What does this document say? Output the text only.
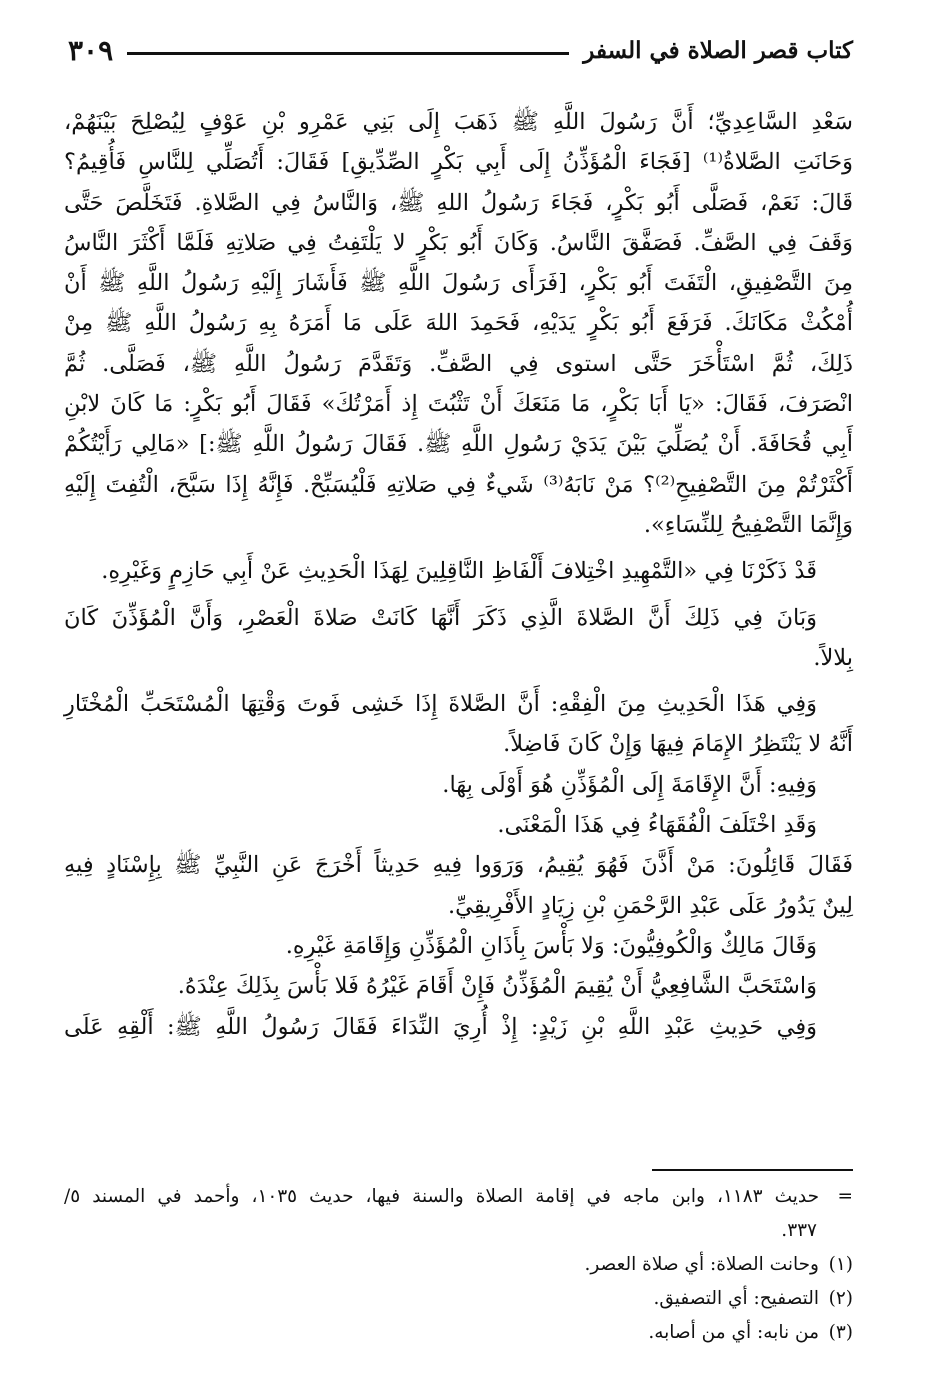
كتاب قصر الصلاة في السفر
٣٠٩
سَعْدِ السَّاعِدِيِّ؛ أَنَّ رَسُولَ اللَّهِ ﷺ ذَهَبَ إِلَى بَنِي عَمْرِو بْنِ عَوْفٍ لِيُصْلِحَ بَيْنَهُمْ،
وَحَانَتِ الصَّلاةُ⁽¹⁾ [فَجَاءَ الْمُؤَذِّنُ إِلَى أَبِي بَكْرٍ الصِّدِّيقِ] فَقَالَ: أَتُصَلِّي لِلنَّاسِ فَأُقِيمُ؟
قَالَ: نَعَمْ، فَصَلَّى أَبُو بَكْرٍ، فَجَاءَ رَسُولُ اللهِ ﷺ، وَالنَّاسُ فِي الصَّلاةِ. فَتَخَلَّصَ حَتَّى
وَقَفَ فِي الصَّفِّ. فَصَفَّقَ النَّاسُ. وَكَانَ أَبُو بَكْرٍ لا يَلْتَفِتُ فِي صَلاتِهِ فَلَمَّا أَكْثَرَ النَّاسُ
مِنَ التَّصْفِيقِ، الْتَفَتَ أَبُو بَكْرٍ، [فَرَأَى رَسُولَ اللَّهِ ﷺ فَأَشَارَ إِلَيْهِ رَسُولُ اللَّهِ ﷺ أَنْ
أُمْكُثْ مَكَانَكَ. فَرَفَعَ أَبُو بَكْرٍ يَدَيْهِ، فَحَمِدَ اللهَ عَلَى مَا أَمَرَهُ بِهِ رَسُولُ اللَّهِ ﷺ مِنْ
ذَلِكَ، ثُمَّ اسْتَأْخَرَ حَتَّى استوى فِي الصَّفِّ. وَتَقَدَّمَ رَسُولُ اللَّهِ ﷺ، فَصَلَّى. ثُمَّ
انْصَرَفَ، فَقَالَ: «يَا أَبَا بَكْرٍ، مَا مَنَعَكَ أَنْ تَثْبُتَ إِذ أَمَرْتُكَ» فَقَالَ أَبُو بَكْرٍ: مَا كَانَ لابْنِ
أَبِي قُحَافَةَ. أَنْ يُصَلِّيَ بَيْنَ يَدَيْ رَسُولِ اللَّهِ ﷺ. فَقَالَ رَسُولُ اللَّهِ ﷺ:] «مَالِي رَأَيْتُكُمْ
أَكْثَرْتُمْ مِنَ التَّصْفِيحِ⁽²⁾؟ مَنْ نَابَهُ⁽³⁾ شَيءٌ فِي صَلاتِهِ فَلْيُسَبِّحْ. فَإِنَّهُ إِذَا سَبَّحَ، الْتُفِتَ إِلَيْهِ
وَإِنَّمَا التَّصْفِيحُ لِلنِّسَاءِ».
قَدْ ذَكَرْنَا فِي «التَّمْهِيدِ اخْتِلافَ أَلْفَاظِ النَّاقِلِينَ لِهَذَا الْحَدِيثِ عَنْ أَبِي حَازِمٍ وَغَيْرِهِ.
وَبَانَ فِي ذَلِكَ أَنَّ الصَّلاةَ الَّذِي ذَكَرَ أَنَّهَا كَانَتْ صَلاةَ الْعَصْرِ، وَأَنَّ الْمُؤَذِّنَ كَانَ
بِلالاً.
وَفِي هَذَا الْحَدِيثِ مِنَ الْفِقْهِ: أَنَّ الصَّلاةَ إِذَا خَشِى فَوتَ وَقْتِهَا الْمُسْتَحَبِّ الْمُخْتَارِ
أَنَّهُ لا يَنْتَظِرُ الإِمَامَ فِيهَا وَإِنْ كَانَ فَاضِلاً.
وَفِيهِ: أَنَّ الإِقَامَةَ إِلَى الْمُؤَذِّنِ هُوَ أَوْلَى بِهَا.
وَقَدِ اخْتَلَفَ الْفُقَهَاءُ فِي هَذَا الْمَعْنَى.
فَقَالَ قَائِلُونَ: مَنْ أَذَّنَ فَهُوَ يُقِيمُ، وَرَوَوا فِيهِ حَدِيثاً أَخْرَجَ عَنِ النَّبِيِّ ﷺ بِإِسْنَادٍ فِيهِ
لِينٌ يَدُورُ عَلَى عَبْدِ الرَّحْمَنِ بْنِ زِيَادٍ الأَفْرِيقِيِّ.
وَقَالَ مَالِكٌ وَالْكُوفِيُّونَ: وَلا بَأْسَ بِأَذَانِ الْمُؤَذِّنِ وَإِقَامَةِ غَيْرِهِ.
وَاسْتَحَبَّ الشَّافِعِيُّ أَنْ يُقِيمَ الْمُؤَذِّنُ فَإِنْ أَقَامَ غَيْرُهُ فَلا بَأْسَ بِذَلِكَ عِنْدَهُ.
وَفِي حَدِيثِ عَبْدِ اللَّهِ بْنِ زَيْدٍ: إِذْ أُرِيَ النِّدَاءَ فَقَالَ رَسُولُ اللَّهِ ﷺ: أَلْقِهِ عَلَى
=حديث ١١٨٣، وابن ماجه في إقامة الصلاة والسنة فيها، حديث ١٠٣٥، وأحمد في المسند ٥/
٣٣٧.
(١)وحانت الصلاة: أي صلاة العصر.
(٢)التصفيح: أي التصفيق.
(٣)من نابه: أي من أصابه.
